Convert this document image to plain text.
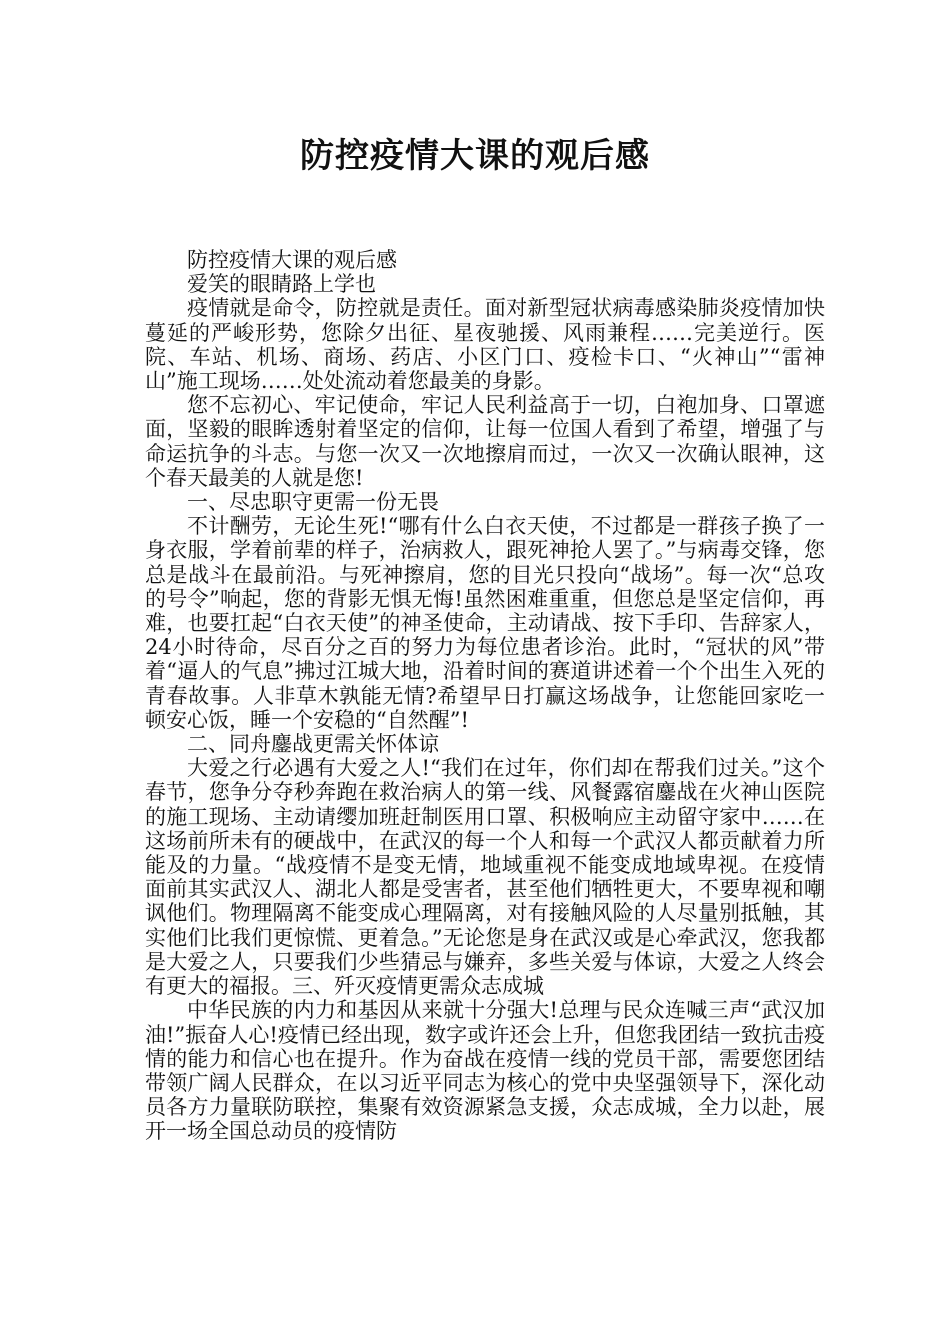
防控疫情大课的观后感

防控疫情大课的观后感

爱笑的眼睛路上学也

疫情就是命令，防控就是责任。面对新型冠状病毒感染肺炎疫情加快蔓延的严峻形势，您除夕出征、星夜驰援、风雨兼程……完美逆行。医院、车站、机场、商场、药店、小区门口、疫检卡口、“火神山”“雷神山”施工现场……处处流动着您最美的身影。

您不忘初心、牢记使命，牢记人民利益高于一切，白袍加身、口罩遮面，坚毅的眼眸透射着坚定的信仰，让每一位国人看到了希望，增强了与命运抗争的斗志。与您一次又一次地擦肩而过，一次又一次确认眼神，这个春天最美的人就是您!

一、尽忠职守更需一份无畏

不计酬劳，无论生死!“哪有什么白衣天使，不过都是一群孩子换了一身衣服，学着前辈的样子，治病救人，跟死神抢人罢了。”与病毒交锋，您总是战斗在最前沿。与死神擦肩，您的目光只投向“战场”。每一次“总攻的号令”响起，您的背影无惧无悔!虽然困难重重，但您总是坚定信仰，再难，也要扛起“白衣天使”的神圣使命，主动请战、按下手印、告辞家人，24小时待命，尽百分之百的努力为每位患者诊治。此时，“冠状的风”带着“逼人的气息”拂过江城大地，沿着时间的赛道讲述着一个个出生入死的青春故事。人非草木孰能无情?希望早日打赢这场战争，让您能回家吃一顿安心饭，睡一个安稳的“自然醒”!

二、同舟鏖战更需关怀体谅

大爱之行必遇有大爱之人!“我们在过年，你们却在帮我们过关。”这个春节，您争分夺秒奔跑在救治病人的第一线、风餐露宿鏖战在火神山医院的施工现场、主动请缨加班赶制医用口罩、积极响应主动留守家中……在这场前所未有的硬战中，在武汉的每一个人和每一个武汉人都贡献着力所能及的力量。“战疫情不是变无情，地域重视不能变成地域卑视。在疫情面前其实武汉人、湖北人都是受害者，甚至他们牺牲更大，不要卑视和嘲讽他们。物理隔离不能变成心理隔离，对有接触风险的人尽量别抵触，其实他们比我们更惊慌、更着急。”无论您是身在武汉或是心牵武汉，您我都是大爱之人，只要我们少些猜忌与嫌弃，多些关爱与体谅，大爱之人终会有更大的福报。三、歼灭疫情更需众志成城

中华民族的内力和基因从来就十分强大!总理与民众连喊三声“武汉加油!”振奋人心!疫情已经出现，数字或许还会上升，但您我团结一致抗击疫情的能力和信心也在提升。作为奋战在疫情一线的党员干部，需要您团结带领广阔人民群众，在以习近平同志为核心的党中央坚强领导下，深化动员各方力量联防联控，集聚有效资源紧急支援，众志成城，全力以赴，展开一场全国总动员的疫情防
